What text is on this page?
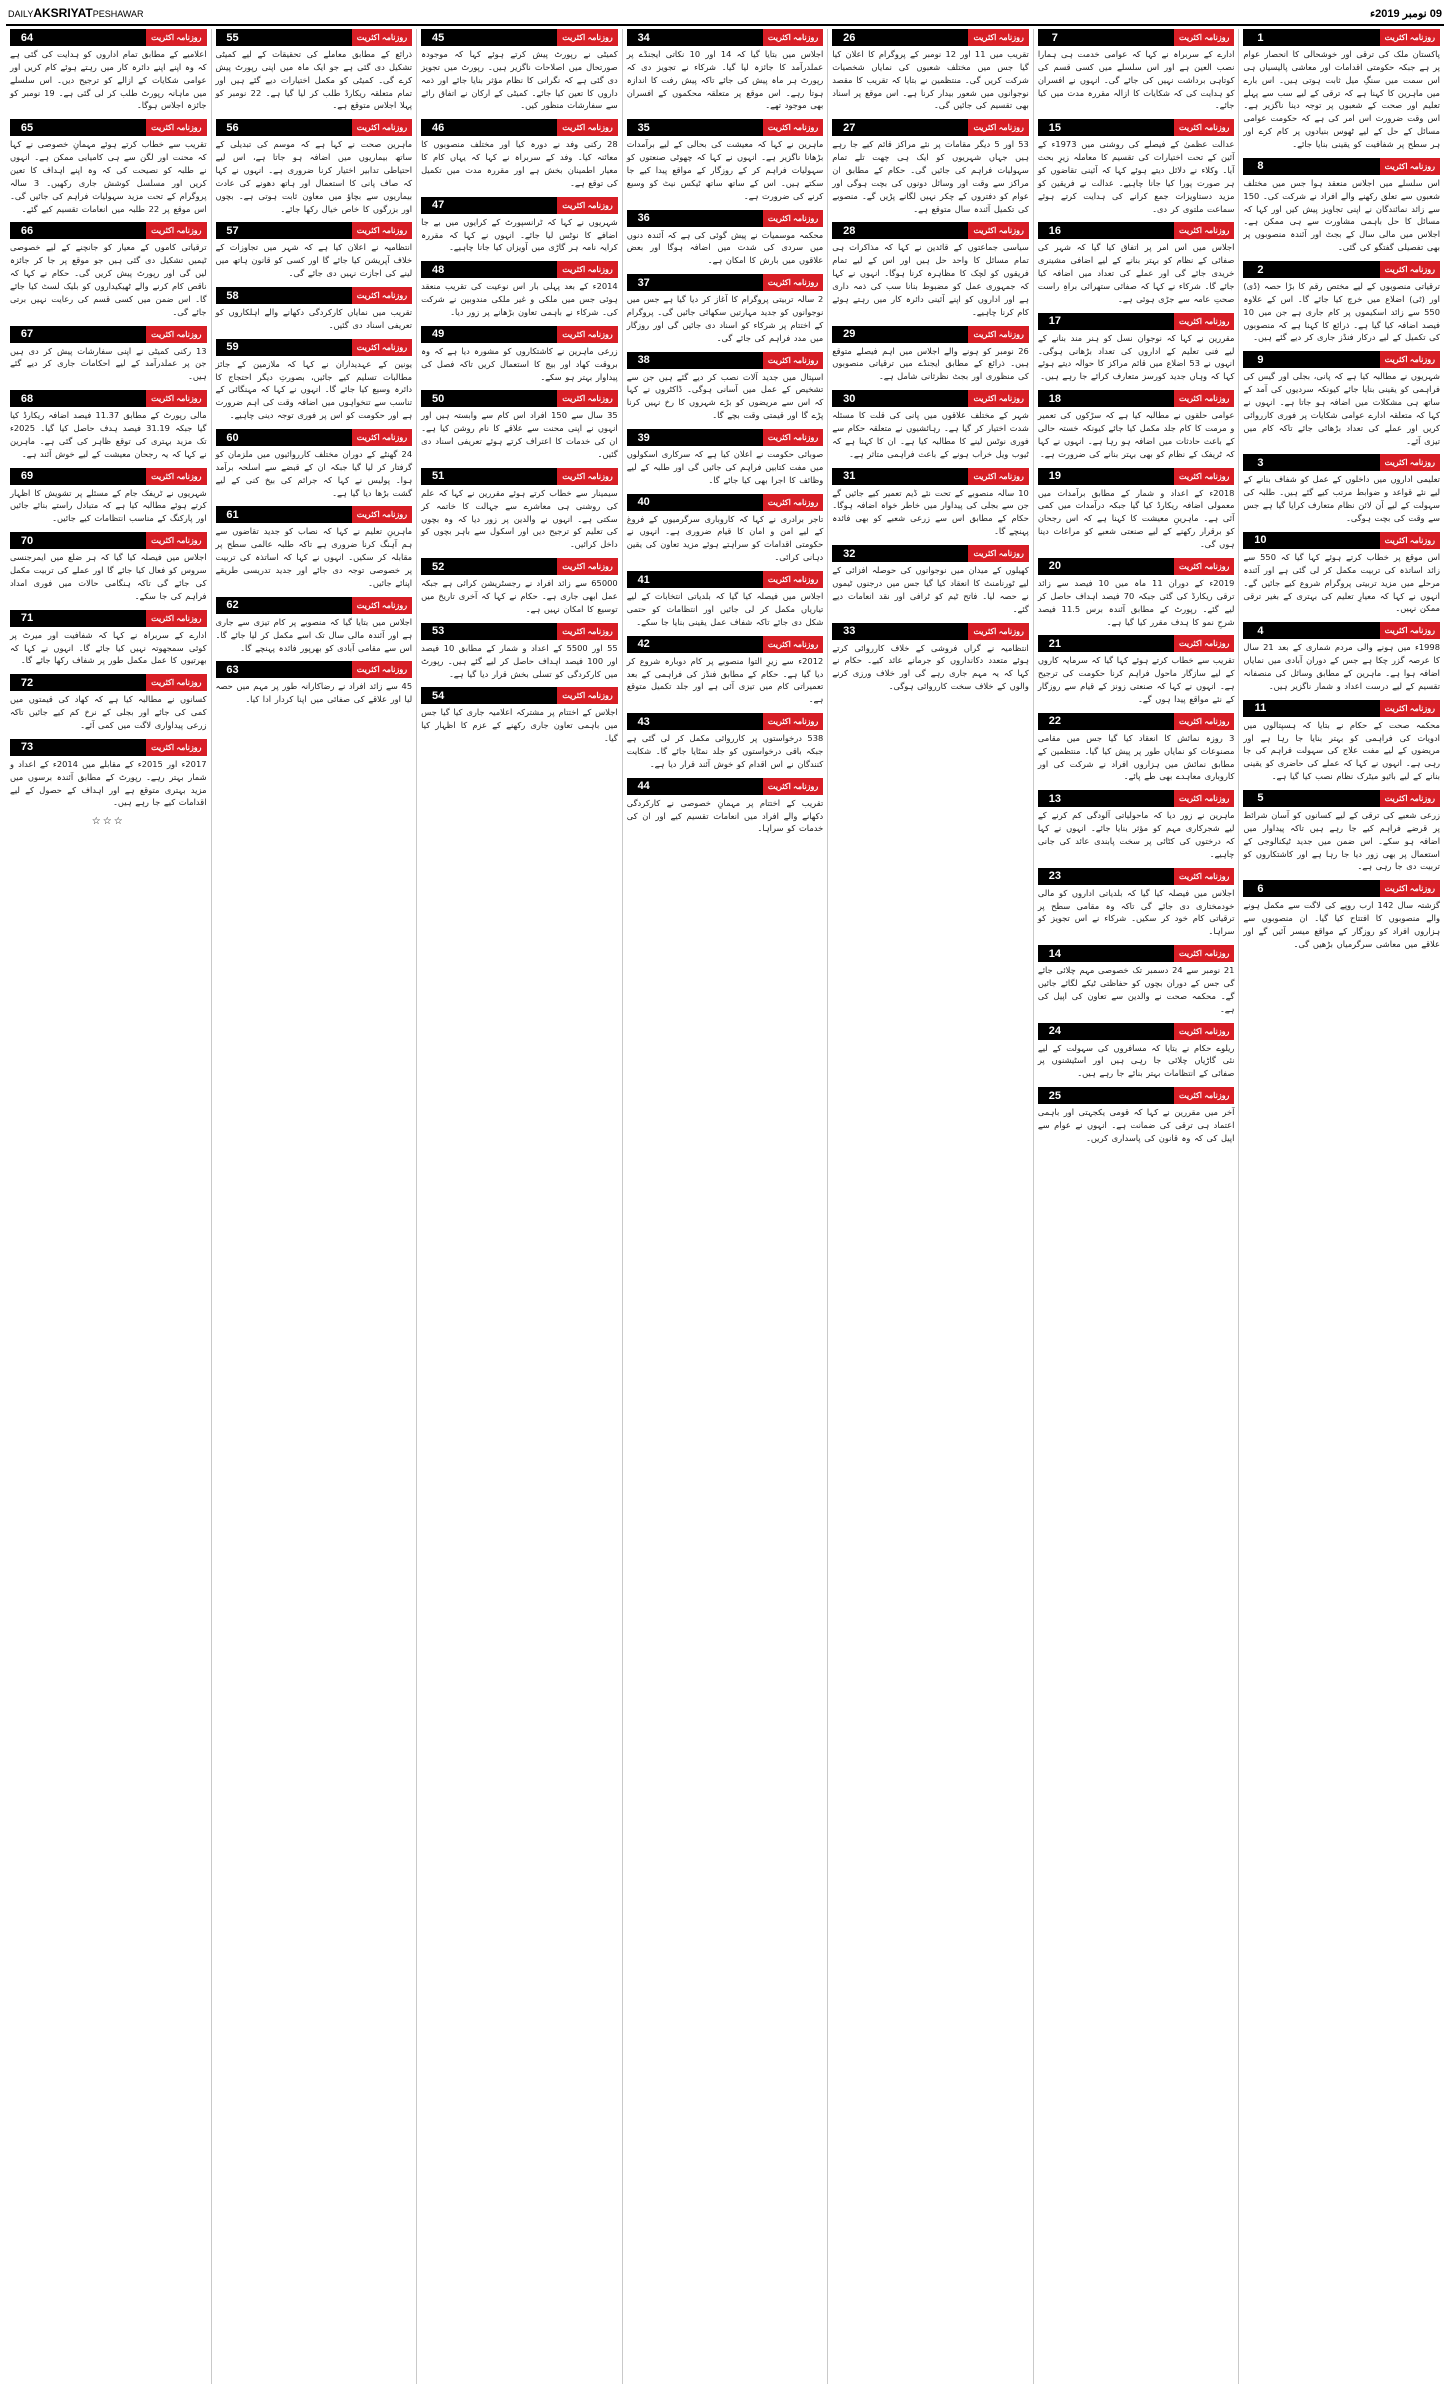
DAILYAKSRIYATPESHAWAR	09 نومبر 2019ء
1	روزنامہ اکثریت
پاکستان ملک کی ترقی اور خوشحالی کا انحصار عوام پر ہے جبکہ حکومتی اقدامات اور معاشی پالیسیاں ہی اس سمت میں سنگِ میل ثابت ہوتی ہیں۔ اس بارے میں ماہرین کا کہنا ہے کہ ترقی کے لیے سب سے پہلے تعلیم اور صحت کے شعبوں پر توجہ دینا ناگزیر ہے۔ اس وقت ضرورت اس امر کی ہے کہ حکومت عوامی مسائل کے حل کے لیے ٹھوس بنیادوں پر کام کرے اور ہر سطح پر شفافیت کو یقینی بنایا جائے۔
8	روزنامہ اکثریت
اس سلسلے میں اجلاس منعقد ہوا جس میں مختلف شعبوں سے تعلق رکھنے والے افراد نے شرکت کی۔ 150 سے زائد نمائندگان نے اپنی تجاویز پیش کیں اور کہا کہ مسائل کا حل باہمی مشاورت سے ہی ممکن ہے۔ اجلاس میں مالی سال کے بجٹ اور آئندہ منصوبوں پر بھی تفصیلی گفتگو کی گئی۔
2	روزنامہ اکثریت
ترقیاتی منصوبوں کے لیے مختص رقم کا بڑا حصہ (ڈی) اور (ٹی) اضلاع میں خرچ کیا جائے گا۔ اس کے علاوہ 550 سے زائد اسکیموں پر کام جاری ہے جن میں 10 فیصد اضافہ کیا گیا ہے۔ ذرائع کا کہنا ہے کہ منصوبوں کی تکمیل کے لیے درکار فنڈز جاری کر دیے گئے ہیں۔
9	روزنامہ اکثریت
شہریوں نے مطالبہ کیا ہے کہ پانی، بجلی اور گیس کی فراہمی کو یقینی بنایا جائے کیونکہ سردیوں کی آمد کے ساتھ ہی مشکلات میں اضافہ ہو جاتا ہے۔ انہوں نے کہا کہ متعلقہ ادارے عوامی شکایات پر فوری کارروائی کریں اور عملے کی تعداد بڑھائی جائے تاکہ کام میں تیزی آئے۔
3	روزنامہ اکثریت
تعلیمی اداروں میں داخلوں کے عمل کو شفاف بنانے کے لیے نئے قواعد و ضوابط مرتب کیے گئے ہیں۔ طلبہ کی سہولت کے لیے آن لائن نظام متعارف کرایا گیا ہے جس سے وقت کی بچت ہوگی۔
10	روزنامہ اکثریت
اس موقع پر خطاب کرتے ہوئے کہا گیا کہ 550 سے زائد اساتذہ کی تربیت مکمل کر لی گئی ہے اور آئندہ مرحلے میں مزید تربیتی پروگرام شروع کیے جائیں گے۔ انہوں نے کہا کہ معیارِ تعلیم کی بہتری کے بغیر ترقی ممکن نہیں۔
4	روزنامہ اکثریت
1998ء میں ہونے والی مردم شماری کے بعد 21 سال کا عرصہ گزر چکا ہے جس کے دوران آبادی میں نمایاں اضافہ ہوا ہے۔ ماہرین کے مطابق وسائل کی منصفانہ تقسیم کے لیے درست اعداد و شمار ناگزیر ہیں۔
11	روزنامہ اکثریت
محکمہ صحت کے حکام نے بتایا کہ ہسپتالوں میں ادویات کی فراہمی کو بہتر بنایا جا رہا ہے اور مریضوں کے لیے مفت علاج کی سہولت فراہم کی جا رہی ہے۔ انہوں نے کہا کہ عملے کی حاضری کو یقینی بنانے کے لیے بائیو میٹرک نظام نصب کیا گیا ہے۔
5	روزنامہ اکثریت
زرعی شعبے کی ترقی کے لیے کسانوں کو آسان شرائط پر قرضے فراہم کیے جا رہے ہیں تاکہ پیداوار میں اضافہ ہو سکے۔ اس ضمن میں جدید ٹیکنالوجی کے استعمال پر بھی زور دیا جا رہا ہے اور کاشتکاروں کو تربیت دی جا رہی ہے۔
6	روزنامہ اکثریت
گزشتہ سال 142 ارب روپے کی لاگت سے مکمل ہونے والے منصوبوں کا افتتاح کیا گیا۔ ان منصوبوں سے ہزاروں افراد کو روزگار کے مواقع میسر آئیں گے اور علاقے میں معاشی سرگرمیاں بڑھیں گی۔
7	روزنامہ اکثریت
ادارے کے سربراہ نے کہا کہ عوامی خدمت ہی ہمارا نصب العین ہے اور اس سلسلے میں کسی قسم کی کوتاہی برداشت نہیں کی جائے گی۔ انہوں نے افسران کو ہدایت کی کہ شکایات کا ازالہ مقررہ مدت میں کیا جائے۔
15	روزنامہ اکثریت
عدالت عظمیٰ کے فیصلے کی روشنی میں 1973ء کے آئین کے تحت اختیارات کی تقسیم کا معاملہ زیرِ بحث آیا۔ وکلاء نے دلائل دیتے ہوئے کہا کہ آئینی تقاضوں کو ہر صورت پورا کیا جانا چاہیے۔ عدالت نے فریقین کو مزید دستاویزات جمع کرانے کی ہدایت کرتے ہوئے سماعت ملتوی کر دی۔
16	روزنامہ اکثریت
اجلاس میں اس امر پر اتفاق کیا گیا کہ شہر کی صفائی کے نظام کو بہتر بنانے کے لیے اضافی مشینری خریدی جائے گی اور عملے کی تعداد میں اضافہ کیا جائے گا۔ شرکاء نے کہا کہ صفائی ستھرائی براہِ راست صحتِ عامہ سے جڑی ہوئی ہے۔
17	روزنامہ اکثریت
مقررین نے کہا کہ نوجوان نسل کو ہنر مند بنانے کے لیے فنی تعلیم کے اداروں کی تعداد بڑھانی ہوگی۔ انہوں نے 53 اضلاع میں قائم مراکز کا حوالہ دیتے ہوئے کہا کہ وہاں جدید کورسز متعارف کرائے جا رہے ہیں۔
18	روزنامہ اکثریت
عوامی حلقوں نے مطالبہ کیا ہے کہ سڑکوں کی تعمیر و مرمت کا کام جلد مکمل کیا جائے کیونکہ خستہ حالی کے باعث حادثات میں اضافہ ہو رہا ہے۔ انہوں نے کہا کہ ٹریفک کے نظام کو بھی بہتر بنانے کی ضرورت ہے۔
19	روزنامہ اکثریت
2018ء کے اعداد و شمار کے مطابق برآمدات میں معمولی اضافہ ریکارڈ کیا گیا جبکہ درآمدات میں کمی آئی ہے۔ ماہرینِ معیشت کا کہنا ہے کہ اس رجحان کو برقرار رکھنے کے لیے صنعتی شعبے کو مراعات دینا ہوں گی۔
20	روزنامہ اکثریت
2019ء کے دوران 11 ماہ میں 10 فیصد سے زائد ترقی ریکارڈ کی گئی جبکہ 70 فیصد اہداف حاصل کر لیے گئے۔ رپورٹ کے مطابق آئندہ برس 11.5 فیصد شرحِ نمو کا ہدف مقرر کیا گیا ہے۔
21	روزنامہ اکثریت
تقریب سے خطاب کرتے ہوئے کہا گیا کہ سرمایہ کاروں کے لیے سازگار ماحول فراہم کرنا حکومت کی ترجیح ہے۔ انہوں نے کہا کہ صنعتی زونز کے قیام سے روزگار کے نئے مواقع پیدا ہوں گے۔
22	روزنامہ اکثریت
3 روزہ نمائش کا انعقاد کیا گیا جس میں مقامی مصنوعات کو نمایاں طور پر پیش کیا گیا۔ منتظمین کے مطابق نمائش میں ہزاروں افراد نے شرکت کی اور کاروباری معاہدے بھی طے پائے۔
13	روزنامہ اکثریت
ماہرین نے زور دیا کہ ماحولیاتی آلودگی کم کرنے کے لیے شجرکاری مہم کو مؤثر بنایا جائے۔ انہوں نے کہا کہ درختوں کی کٹائی پر سخت پابندی عائد کی جانی چاہیے۔
23	روزنامہ اکثریت
اجلاس میں فیصلہ کیا گیا کہ بلدیاتی اداروں کو مالی خودمختاری دی جائے گی تاکہ وہ مقامی سطح پر ترقیاتی کام خود کر سکیں۔ شرکاء نے اس تجویز کو سراہا۔
14	روزنامہ اکثریت
21 نومبر سے 24 دسمبر تک خصوصی مہم چلائی جائے گی جس کے دوران بچوں کو حفاظتی ٹیکے لگائے جائیں گے۔ محکمہ صحت نے والدین سے تعاون کی اپیل کی ہے۔
24	روزنامہ اکثریت
ریلوے حکام نے بتایا کہ مسافروں کی سہولت کے لیے نئی گاڑیاں چلائی جا رہی ہیں اور اسٹیشنوں پر صفائی کے انتظامات بہتر بنائے جا رہے ہیں۔
25	روزنامہ اکثریت
آخر میں مقررین نے کہا کہ قومی یکجہتی اور باہمی اعتماد ہی ترقی کی ضمانت ہے۔ انہوں نے عوام سے اپیل کی کہ وہ قانون کی پاسداری کریں۔
26	روزنامہ اکثریت
تقریب میں 11 اور 12 نومبر کے پروگرام کا اعلان کیا گیا جس میں مختلف شعبوں کی نمایاں شخصیات شرکت کریں گی۔ منتظمین نے بتایا کہ تقریب کا مقصد نوجوانوں میں شعور بیدار کرنا ہے۔ اس موقع پر اسناد بھی تقسیم کی جائیں گی۔
27	روزنامہ اکثریت
53 اور 5 دیگر مقامات پر نئے مراکز قائم کیے جا رہے ہیں جہاں شہریوں کو ایک ہی چھت تلے تمام سہولیات فراہم کی جائیں گی۔ حکام کے مطابق ان مراکز سے وقت اور وسائل دونوں کی بچت ہوگی اور عوام کو دفتروں کے چکر نہیں لگانے پڑیں گے۔ منصوبے کی تکمیل آئندہ سال متوقع ہے۔
28	روزنامہ اکثریت
سیاسی جماعتوں کے قائدین نے کہا کہ مذاکرات ہی تمام مسائل کا واحد حل ہیں اور اس کے لیے تمام فریقوں کو لچک کا مظاہرہ کرنا ہوگا۔ انہوں نے کہا کہ جمہوری عمل کو مضبوط بنانا سب کی ذمہ داری ہے اور اداروں کو اپنے آئینی دائرہ کار میں رہتے ہوئے کام کرنا چاہیے۔
29	روزنامہ اکثریت
26 نومبر کو ہونے والے اجلاس میں اہم فیصلے متوقع ہیں۔ ذرائع کے مطابق ایجنڈے میں ترقیاتی منصوبوں کی منظوری اور بجٹ نظرثانی شامل ہے۔
30	روزنامہ اکثریت
شہر کے مختلف علاقوں میں پانی کی قلت کا مسئلہ شدت اختیار کر گیا ہے۔ رہائشیوں نے متعلقہ حکام سے فوری نوٹس لینے کا مطالبہ کیا ہے۔ ان کا کہنا ہے کہ ٹیوب ویل خراب ہونے کے باعث فراہمی متاثر ہے۔
31	روزنامہ اکثریت
10 سالہ منصوبے کے تحت نئے ڈیم تعمیر کیے جائیں گے جن سے بجلی کی پیداوار میں خاطر خواہ اضافہ ہوگا۔ حکام کے مطابق اس سے زرعی شعبے کو بھی فائدہ پہنچے گا۔
32	روزنامہ اکثریت
کھیلوں کے میدان میں نوجوانوں کی حوصلہ افزائی کے لیے ٹورنامنٹ کا انعقاد کیا گیا جس میں درجنوں ٹیموں نے حصہ لیا۔ فاتح ٹیم کو ٹرافی اور نقد انعامات دیے گئے۔
33	روزنامہ اکثریت
انتظامیہ نے گراں فروشی کے خلاف کارروائی کرتے ہوئے متعدد دکانداروں کو جرمانے عائد کیے۔ حکام نے کہا کہ یہ مہم جاری رہے گی اور خلاف ورزی کرنے والوں کے خلاف سخت کارروائی ہوگی۔
34	روزنامہ اکثریت
اجلاس میں بتایا گیا کہ 14 اور 10 نکاتی ایجنڈے پر عملدرآمد کا جائزہ لیا گیا۔ شرکاء نے تجویز دی کہ رپورٹ ہر ماہ پیش کی جائے تاکہ پیش رفت کا اندازہ ہوتا رہے۔ اس موقع پر متعلقہ محکموں کے افسران بھی موجود تھے۔
35	روزنامہ اکثریت
ماہرین نے کہا کہ معیشت کی بحالی کے لیے برآمدات بڑھانا ناگزیر ہے۔ انہوں نے کہا کہ چھوٹی صنعتوں کو سہولیات فراہم کر کے روزگار کے مواقع پیدا کیے جا سکتے ہیں۔ اس کے ساتھ ساتھ ٹیکس نیٹ کو وسیع کرنے کی ضرورت ہے۔
36	روزنامہ اکثریت
محکمہ موسمیات نے پیش گوئی کی ہے کہ آئندہ دنوں میں سردی کی شدت میں اضافہ ہوگا اور بعض علاقوں میں بارش کا امکان ہے۔
37	روزنامہ اکثریت
2 سالہ تربیتی پروگرام کا آغاز کر دیا گیا ہے جس میں نوجوانوں کو جدید مہارتیں سکھائی جائیں گی۔ پروگرام کے اختتام پر شرکاء کو اسناد دی جائیں گی اور روزگار میں مدد فراہم کی جائے گی۔
38	روزنامہ اکثریت
اسپتال میں جدید آلات نصب کر دیے گئے ہیں جن سے تشخیص کے عمل میں آسانی ہوگی۔ ڈاکٹروں نے کہا کہ اس سے مریضوں کو بڑے شہروں کا رخ نہیں کرنا پڑے گا اور قیمتی وقت بچے گا۔
39	روزنامہ اکثریت
صوبائی حکومت نے اعلان کیا ہے کہ سرکاری اسکولوں میں مفت کتابیں فراہم کی جائیں گی اور طلبہ کے لیے وظائف کا اجرا بھی کیا جائے گا۔
40	روزنامہ اکثریت
تاجر برادری نے کہا کہ کاروباری سرگرمیوں کے فروغ کے لیے امن و امان کا قیام ضروری ہے۔ انہوں نے حکومتی اقدامات کو سراہتے ہوئے مزید تعاون کی یقین دہانی کرائی۔
41	روزنامہ اکثریت
اجلاس میں فیصلہ کیا گیا کہ بلدیاتی انتخابات کے لیے تیاریاں مکمل کر لی جائیں اور انتظامات کو حتمی شکل دی جائے تاکہ شفاف عمل یقینی بنایا جا سکے۔
42	روزنامہ اکثریت
2012ء سے زیرِ التوا منصوبے پر کام دوبارہ شروع کر دیا گیا ہے۔ حکام کے مطابق فنڈز کی فراہمی کے بعد تعمیراتی کام میں تیزی آئی ہے اور جلد تکمیل متوقع ہے۔
43	روزنامہ اکثریت
538 درخواستوں پر کارروائی مکمل کر لی گئی ہے جبکہ باقی درخواستوں کو جلد نمٹایا جائے گا۔ شکایت کنندگان نے اس اقدام کو خوش آئند قرار دیا ہے۔
44	روزنامہ اکثریت
تقریب کے اختتام پر مہمانِ خصوصی نے کارکردگی دکھانے والے افراد میں انعامات تقسیم کیے اور ان کی خدمات کو سراہا۔
45	روزنامہ اکثریت
کمیٹی نے رپورٹ پیش کرتے ہوئے کہا کہ موجودہ صورتحال میں اصلاحات ناگزیر ہیں۔ رپورٹ میں تجویز دی گئی ہے کہ نگرانی کا نظام مؤثر بنایا جائے اور ذمہ داروں کا تعین کیا جائے۔ کمیٹی کے ارکان نے اتفاق رائے سے سفارشات منظور کیں۔
46	روزنامہ اکثریت
28 رکنی وفد نے دورہ کیا اور مختلف منصوبوں کا معائنہ کیا۔ وفد کے سربراہ نے کہا کہ یہاں کام کا معیار اطمینان بخش ہے اور مقررہ مدت میں تکمیل کی توقع ہے۔
47	روزنامہ اکثریت
شہریوں نے کہا کہ ٹرانسپورٹ کے کرایوں میں بے جا اضافے کا نوٹس لیا جائے۔ انہوں نے کہا کہ مقررہ کرایہ نامہ ہر گاڑی میں آویزاں کیا جانا چاہیے۔
48	روزنامہ اکثریت
2014ء کے بعد پہلی بار اس نوعیت کی تقریب منعقد ہوئی جس میں ملکی و غیر ملکی مندوبین نے شرکت کی۔ شرکاء نے باہمی تعاون بڑھانے پر زور دیا۔
49	روزنامہ اکثریت
زرعی ماہرین نے کاشتکاروں کو مشورہ دیا ہے کہ وہ بروقت کھاد اور بیج کا استعمال کریں تاکہ فصل کی پیداوار بہتر ہو سکے۔
50	روزنامہ اکثریت
35 سال سے 150 افراد اس کام سے وابستہ ہیں اور انہوں نے اپنی محنت سے علاقے کا نام روشن کیا ہے۔ ان کی خدمات کا اعتراف کرتے ہوئے تعریفی اسناد دی گئیں۔
51	روزنامہ اکثریت
سیمینار سے خطاب کرتے ہوئے مقررین نے کہا کہ علم کی روشنی ہی معاشرے سے جہالت کا خاتمہ کر سکتی ہے۔ انہوں نے والدین پر زور دیا کہ وہ بچوں کی تعلیم کو ترجیح دیں اور اسکول سے باہر بچوں کو داخل کرائیں۔
52	روزنامہ اکثریت
65000 سے زائد افراد نے رجسٹریشن کرائی ہے جبکہ عمل ابھی جاری ہے۔ حکام نے کہا کہ آخری تاریخ میں توسیع کا امکان نہیں ہے۔
53	روزنامہ اکثریت
55 اور 5500 کے اعداد و شمار کے مطابق 10 فیصد اور 100 فیصد اہداف حاصل کر لیے گئے ہیں۔ رپورٹ میں کارکردگی کو تسلی بخش قرار دیا گیا ہے۔
54	روزنامہ اکثریت
اجلاس کے اختتام پر مشترکہ اعلامیہ جاری کیا گیا جس میں باہمی تعاون جاری رکھنے کے عزم کا اظہار کیا گیا۔
55	روزنامہ اکثریت
ذرائع کے مطابق معاملے کی تحقیقات کے لیے کمیٹی تشکیل دی گئی ہے جو ایک ماہ میں اپنی رپورٹ پیش کرے گی۔ کمیٹی کو مکمل اختیارات دیے گئے ہیں اور تمام متعلقہ ریکارڈ طلب کر لیا گیا ہے۔ 22 نومبر کو پہلا اجلاس متوقع ہے۔
56	روزنامہ اکثریت
ماہرین صحت نے کہا ہے کہ موسم کی تبدیلی کے ساتھ بیماریوں میں اضافہ ہو جاتا ہے، اس لیے احتیاطی تدابیر اختیار کرنا ضروری ہے۔ انہوں نے کہا کہ صاف پانی کا استعمال اور ہاتھ دھونے کی عادت بیماریوں سے بچاؤ میں معاون ثابت ہوتی ہے۔ بچوں اور بزرگوں کا خاص خیال رکھا جائے۔
57	روزنامہ اکثریت
انتظامیہ نے اعلان کیا ہے کہ شہر میں تجاوزات کے خلاف آپریشن کیا جائے گا اور کسی کو قانون ہاتھ میں لینے کی اجازت نہیں دی جائے گی۔
58	روزنامہ اکثریت
تقریب میں نمایاں کارکردگی دکھانے والے اہلکاروں کو تعریفی اسناد دی گئیں۔
59	روزنامہ اکثریت
یونین کے عہدیداران نے کہا کہ ملازمین کے جائز مطالبات تسلیم کیے جائیں، بصورتِ دیگر احتجاج کا دائرہ وسیع کیا جائے گا۔ انہوں نے کہا کہ مہنگائی کے تناسب سے تنخواہوں میں اضافہ وقت کی اہم ضرورت ہے اور حکومت کو اس پر فوری توجہ دینی چاہیے۔
60	روزنامہ اکثریت
24 گھنٹے کے دوران مختلف کارروائیوں میں ملزمان کو گرفتار کر لیا گیا جبکہ ان کے قبضے سے اسلحہ برآمد ہوا۔ پولیس نے کہا کہ جرائم کی بیخ کنی کے لیے گشت بڑھا دیا گیا ہے۔
61	روزنامہ اکثریت
ماہرینِ تعلیم نے کہا کہ نصاب کو جدید تقاضوں سے ہم آہنگ کرنا ضروری ہے تاکہ طلبہ عالمی سطح پر مقابلہ کر سکیں۔ انہوں نے کہا کہ اساتذہ کی تربیت پر خصوصی توجہ دی جائے اور جدید تدریسی طریقے اپنائے جائیں۔
62	روزنامہ اکثریت
اجلاس میں بتایا گیا کہ منصوبے پر کام تیزی سے جاری ہے اور آئندہ مالی سال تک اسے مکمل کر لیا جائے گا۔ اس سے مقامی آبادی کو بھرپور فائدہ پہنچے گا۔
63	روزنامہ اکثریت
45 سے زائد افراد نے رضاکارانہ طور پر مہم میں حصہ لیا اور علاقے کی صفائی میں اپنا کردار ادا کیا۔
64	روزنامہ اکثریت
اعلامیے کے مطابق تمام اداروں کو ہدایت کی گئی ہے کہ وہ اپنے اپنے دائرہ کار میں رہتے ہوئے کام کریں اور عوامی شکایات کے ازالے کو ترجیح دیں۔ اس سلسلے میں ماہانہ رپورٹ طلب کر لی گئی ہے۔ 19 نومبر کو جائزہ اجلاس ہوگا۔
65	روزنامہ اکثریت
تقریب سے خطاب کرتے ہوئے مہمانِ خصوصی نے کہا کہ محنت اور لگن سے ہی کامیابی ممکن ہے۔ انہوں نے طلبہ کو نصیحت کی کہ وہ اپنے اہداف کا تعین کریں اور مسلسل کوشش جاری رکھیں۔ 3 سالہ پروگرام کے تحت مزید سہولیات فراہم کی جائیں گی۔ اس موقع پر 22 طلبہ میں انعامات تقسیم کیے گئے۔
66	روزنامہ اکثریت
ترقیاتی کاموں کے معیار کو جانچنے کے لیے خصوصی ٹیمیں تشکیل دی گئی ہیں جو موقع پر جا کر جائزہ لیں گی اور رپورٹ پیش کریں گی۔ حکام نے کہا کہ ناقص کام کرنے والے ٹھیکیداروں کو بلیک لسٹ کیا جائے گا۔ اس ضمن میں کسی قسم کی رعایت نہیں برتی جائے گی۔
67	روزنامہ اکثریت
13 رکنی کمیٹی نے اپنی سفارشات پیش کر دی ہیں جن پر عملدرآمد کے لیے احکامات جاری کر دیے گئے ہیں۔
68	روزنامہ اکثریت
مالی رپورٹ کے مطابق 11.37 فیصد اضافہ ریکارڈ کیا گیا جبکہ 31.19 فیصد ہدف حاصل کیا گیا۔ 2025ء تک مزید بہتری کی توقع ظاہر کی گئی ہے۔ ماہرین نے کہا کہ یہ رجحان معیشت کے لیے خوش آئند ہے۔
69	روزنامہ اکثریت
شہریوں نے ٹریفک جام کے مسئلے پر تشویش کا اظہار کرتے ہوئے مطالبہ کیا ہے کہ متبادل راستے بنائے جائیں اور پارکنگ کے مناسب انتظامات کیے جائیں۔
70	روزنامہ اکثریت
اجلاس میں فیصلہ کیا گیا کہ ہر ضلع میں ایمرجنسی سروس کو فعال کیا جائے گا اور عملے کی تربیت مکمل کی جائے گی تاکہ ہنگامی حالات میں فوری امداد فراہم کی جا سکے۔
71	روزنامہ اکثریت
ادارے کے سربراہ نے کہا کہ شفافیت اور میرٹ پر کوئی سمجھوتہ نہیں کیا جائے گا۔ انہوں نے کہا کہ بھرتیوں کا عمل مکمل طور پر شفاف رکھا جائے گا۔
72	روزنامہ اکثریت
کسانوں نے مطالبہ کیا ہے کہ کھاد کی قیمتوں میں کمی کی جائے اور بجلی کے نرخ کم کیے جائیں تاکہ زرعی پیداواری لاگت میں کمی آئے۔
73	روزنامہ اکثریت
2017ء اور 2015ء کے مقابلے میں 2014ء کے اعداد و شمار بہتر رہے۔ رپورٹ کے مطابق آئندہ برسوں میں مزید بہتری متوقع ہے اور اہداف کے حصول کے لیے اقدامات کیے جا رہے ہیں۔
☆☆☆
